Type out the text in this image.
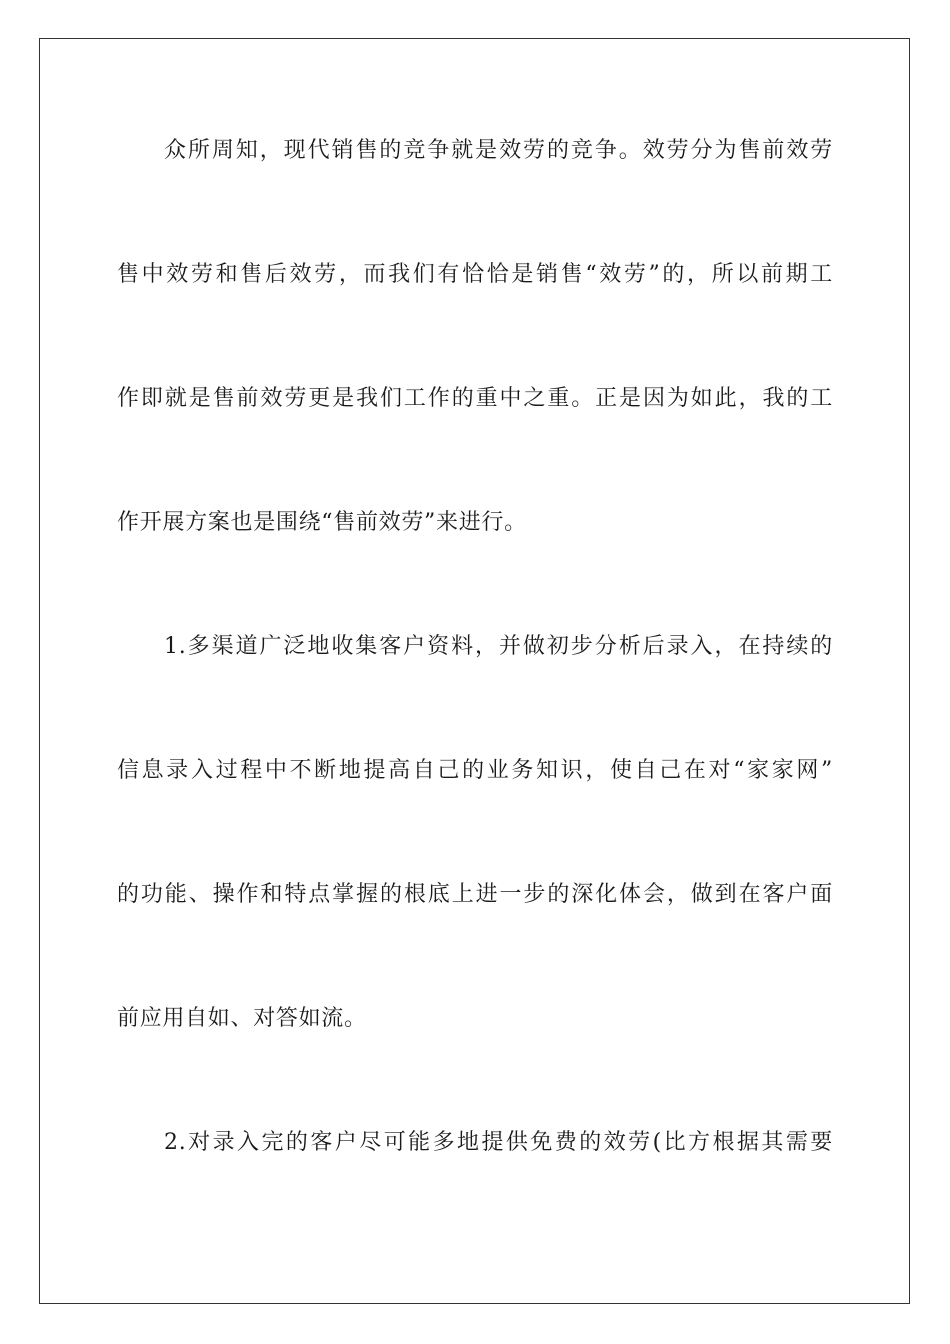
众所周知，现代销售的竞争就是效劳的竞争。效劳分为售前效劳
售中效劳和售后效劳，而我们有恰恰是销售“效劳”的，所以前期工
作即就是售前效劳更是我们工作的重中之重。正是因为如此，我的工
作开展方案也是围绕“售前效劳”来进行。
1.多渠道广泛地收集客户资料，并做初步分析后录入，在持续的
信息录入过程中不断地提高自己的业务知识，使自己在对“家家网”
的功能、操作和特点掌握的根底上进一步的深化体会，做到在客户面
前应用自如、对答如流。
2.对录入完的客户尽可能多地提供免费的效劳(比方根据其需要
